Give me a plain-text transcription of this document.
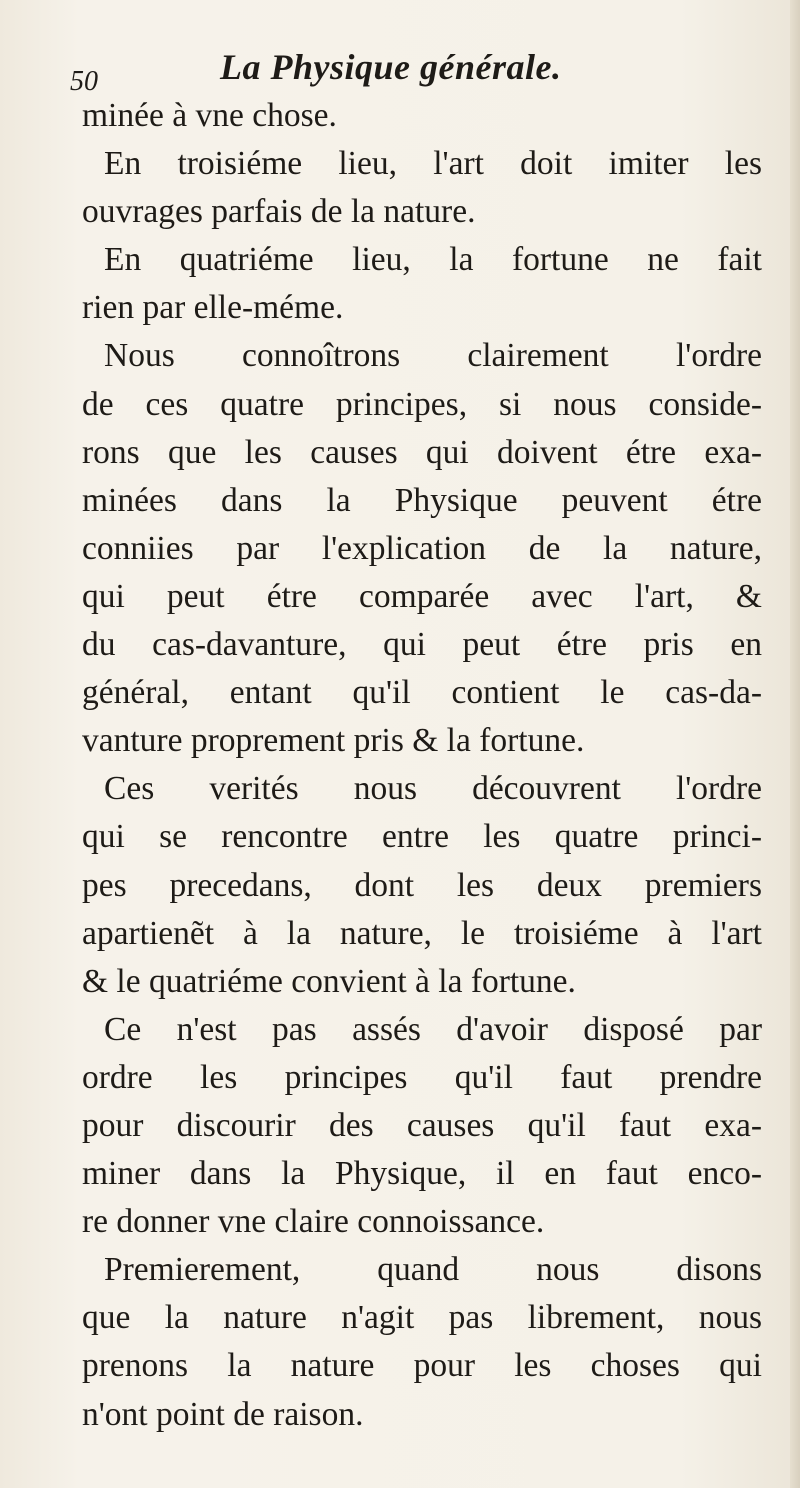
50	La Physique générale.
minée à vne chose.
En troisiéme lieu, l'art doit imiter les
ouvrages parfais de la nature.
En quatriéme lieu, la fortune ne fait
rien par elle-méme.
Nous connoîtrons clairement l'ordre
de ces quatre principes, si nous conside-
rons que les causes qui doivent étre exa-
minées dans la Physique peuvent étre
conniies par l'explication de la nature,
qui peut étre comparée avec l'art, &
du cas-davanture, qui peut étre pris en
général, entant qu'il contient le cas-da-
vanture proprement pris & la fortune.
Ces verités nous découvrent l'ordre
qui se rencontre entre les quatre princi-
pes precedans, dont les deux premiers
apartienẽt à la nature, le troisiéme à l'art
& le quatriéme convient à la fortune.
Ce n'est pas assés d'avoir disposé par
ordre les principes qu'il faut prendre
pour discourir des causes qu'il faut exa-
miner dans la Physique, il en faut enco-
re donner vne claire connoissance.
Premierement, quand nous disons
que la nature n'agit pas librement, nous
prenons la nature pour les choses qui
n'ont point de raison.
